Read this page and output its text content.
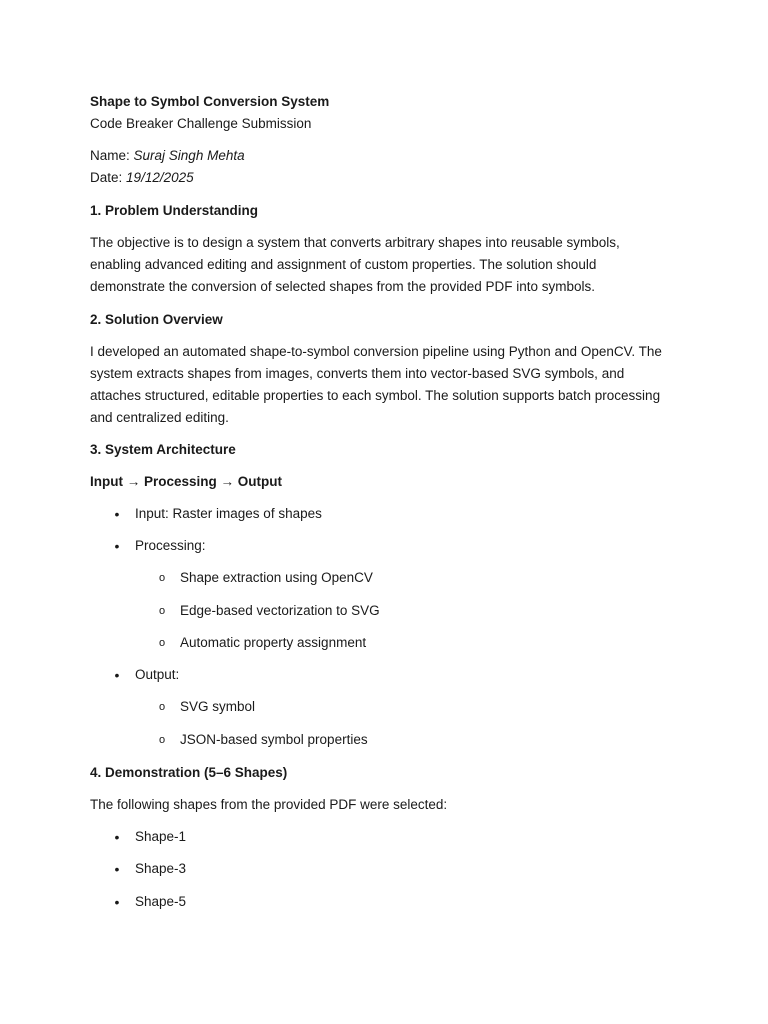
Shape to Symbol Conversion System
Code Breaker Challenge Submission
Name: Suraj Singh Mehta
Date: 19/12/2025
1. Problem Understanding
The objective is to design a system that converts arbitrary shapes into reusable symbols,
enabling advanced editing and assignment of custom properties. The solution should
demonstrate the conversion of selected shapes from the provided PDF into symbols.
2. Solution Overview
I developed an automated shape-to-symbol conversion pipeline using Python and OpenCV. The
system extracts shapes from images, converts them into vector-based SVG symbols, and
attaches structured, editable properties to each symbol. The solution supports batch processing
and centralized editing.
3. System Architecture
Input → Processing → Output
•	Input: Raster images of shapes
•	Processing:
o	Shape extraction using OpenCV
o	Edge-based vectorization to SVG
o	Automatic property assignment
•	Output:
o	SVG symbol
o	JSON-based symbol properties
4. Demonstration (5–6 Shapes)
The following shapes from the provided PDF were selected:
•	Shape-1
•	Shape-3
•	Shape-5
